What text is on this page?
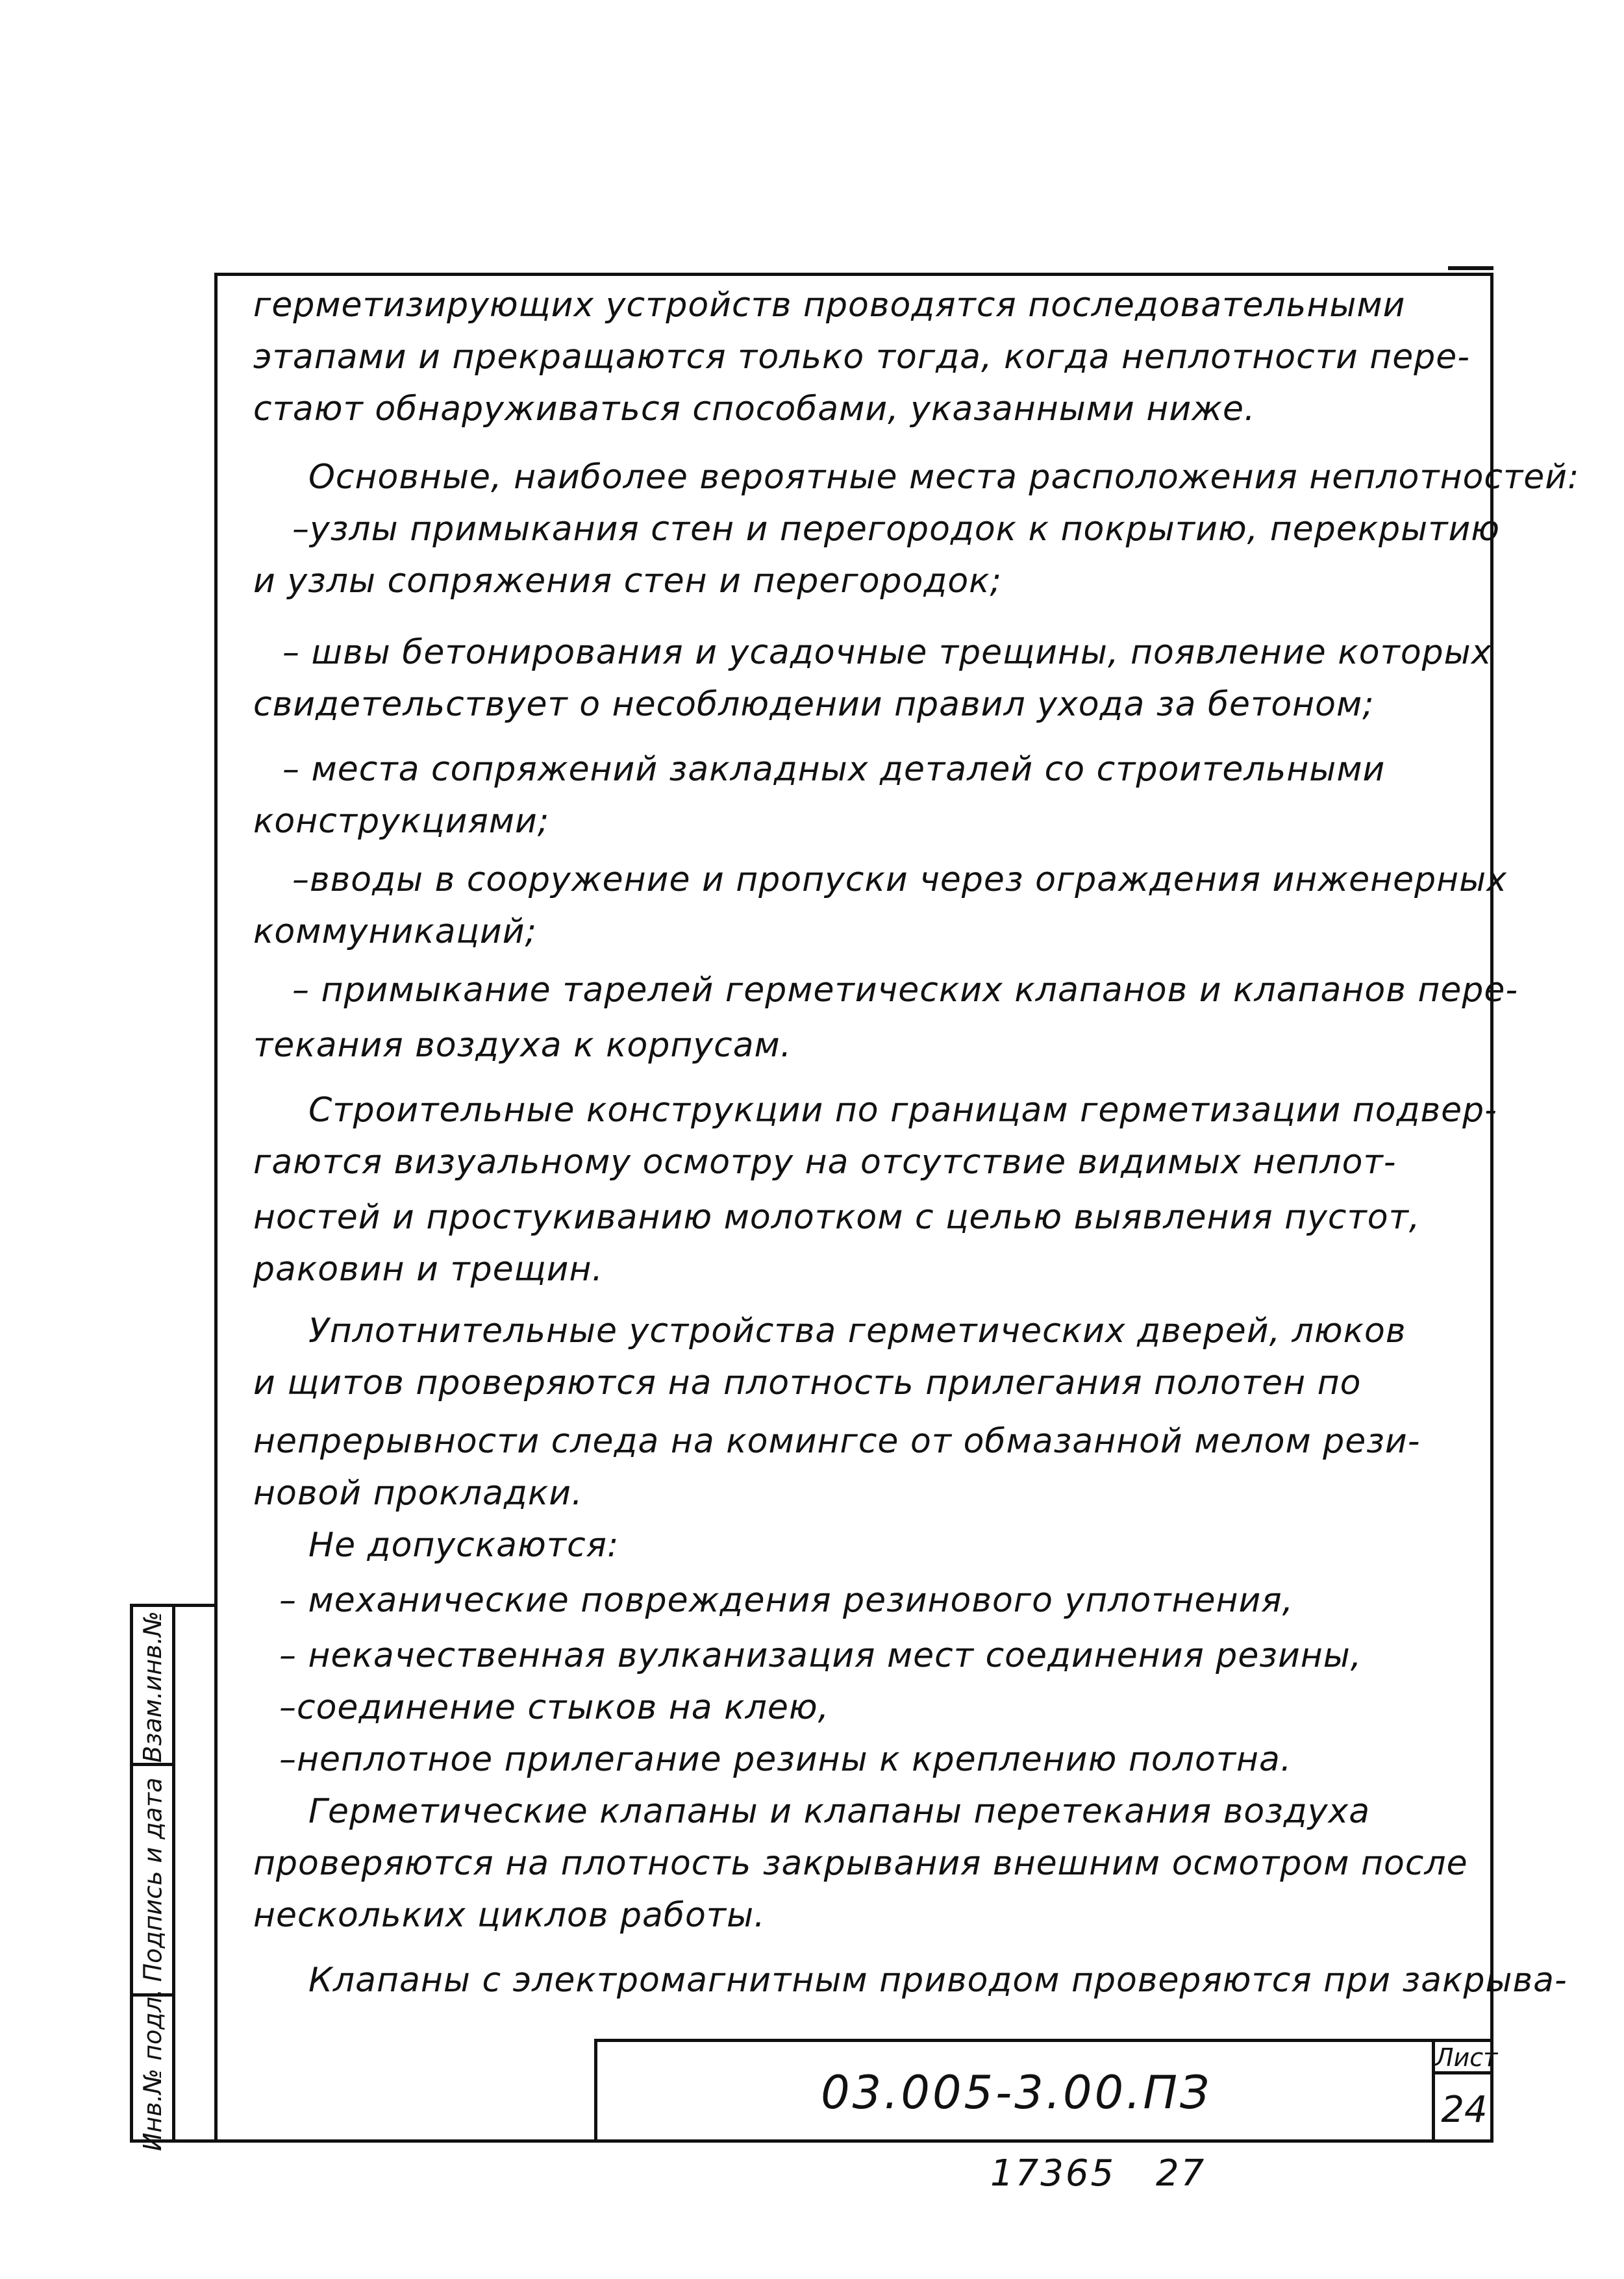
герметизирующих устройств проводятся последовательными
этапами и прекращаются только тогда, когда неплотности пере-
стают обнаруживаться способами, указанными ниже.
Основные, наиболее вероятные места расположения неплотностей:
–узлы примыкания стен и перегородок к покрытию, перекрытию
и узлы сопряжения стен и перегородок;
– швы бетонирования и усадочные трещины, появление которых
свидетельствует о несоблюдении правил ухода за бетоном;
– места сопряжений закладных деталей со строительными
конструкциями;
–вводы в сооружение и пропуски через ограждения инженерных
коммуникаций;
– примыкание тарелей герметических клапанов и клапанов пере-
текания воздуха к корпусам.
Строительные конструкции по границам герметизации подвер-
гаются визуальному осмотру на отсутствие видимых неплот-
ностей и простукиванию молотком с целью выявления пустот,
раковин и трещин.
Уплотнительные устройства герметических дверей, люков
и щитов проверяются на плотность прилегания полотен по
непрерывности следа на комингсе от обмазанной мелом рези-
новой прокладки.
Не допускаются:
– механические повреждения резинового уплотнения,
– некачественная вулканизация мест соединения резины,
–соединение стыков на клею,
–неплотное прилегание резины к креплению полотна.
Герметические клапаны и клапаны перетекания воздуха
проверяются на плотность закрывания внешним осмотром после
нескольких циклов работы.
Клапаны с электромагнитным приводом проверяются при закрыва-
Взам.инв.№
Подпись и дата
Инв.№ подл.	03.005-3.00.ПЗ
Лист
24
17365 27
